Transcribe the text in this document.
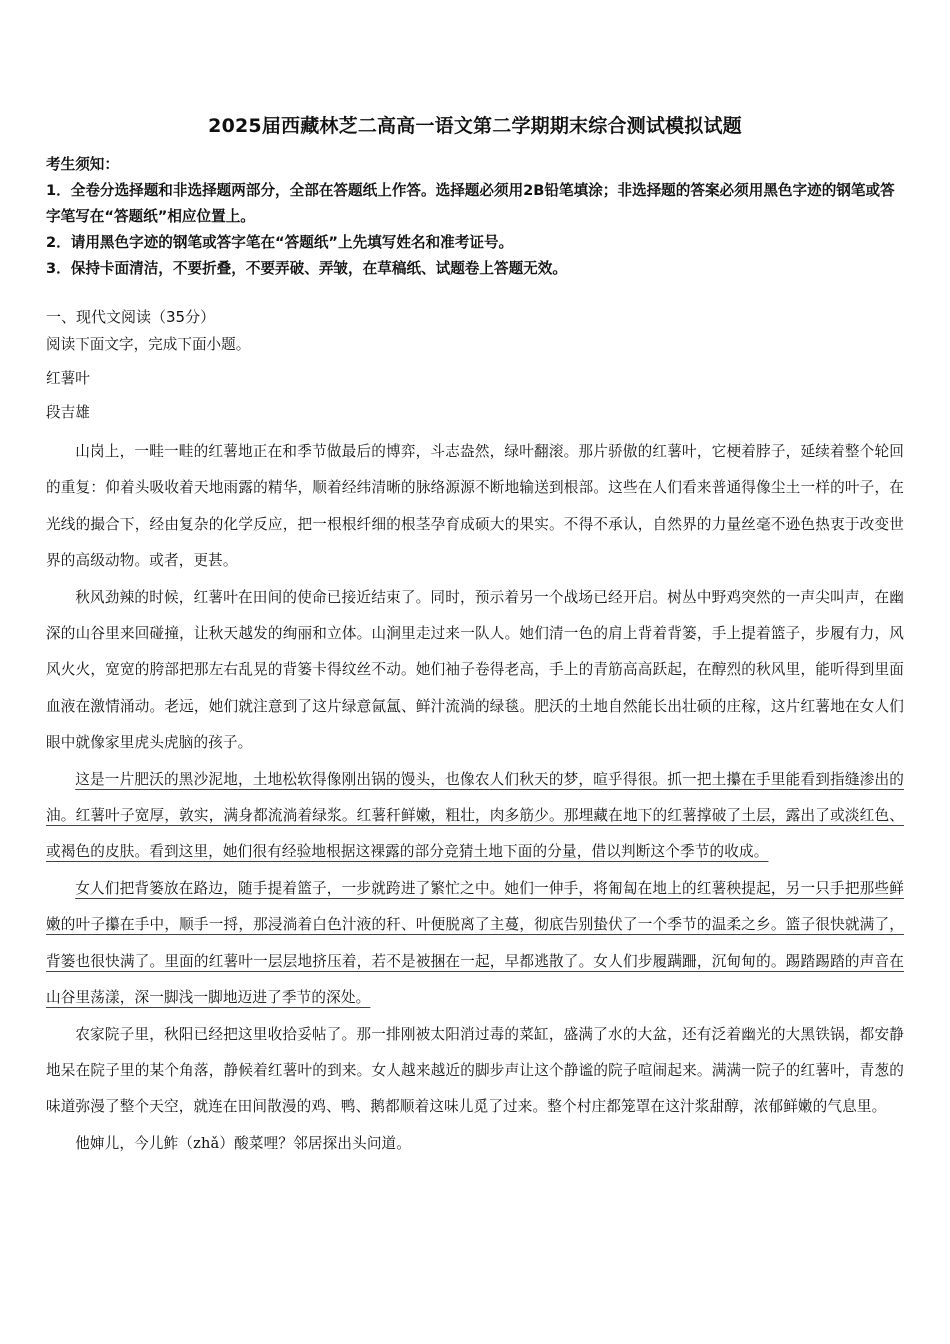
2025届西藏林芝二高高一语文第二学期期末综合测试模拟试题
考生须知：
1．全卷分选择题和非选择题两部分，全部在答题纸上作答。选择题必须用2B铅笔填涂；非选择题的答案必须用黑色字迹的钢笔或答字笔写在“答题纸”相应位置上。
2．请用黑色字迹的钢笔或答字笔在“答题纸”上先填写姓名和准考证号。
3．保持卡面清洁，不要折叠，不要弄破、弄皱，在草稿纸、试题卷上答题无效。
一、现代文阅读（35分）
阅读下面文字，完成下面小题。
红薯叶
段吉雄

山岗上，一畦一畦的红薯地正在和季节做最后的博弈，斗志盎然，绿叶翻滚。那片骄傲的红薯叶，它梗着脖子，延续着整个轮回的重复：仰着头吸收着天地雨露的精华，顺着经纬清晰的脉络源源不断地输送到根部。这些在人们看来普通得像尘土一样的叶子，在光线的撮合下，经由复杂的化学反应，把一根根纤细的根茎孕育成硕大的果实。不得不承认，自然界的力量丝毫不逊色热衷于改变世界的高级动物。或者，更甚。

秋风劲辣的时候，红薯叶在田间的使命已接近结束了。同时，预示着另一个战场已经开启。树丛中野鸡突然的一声尖叫声，在幽深的山谷里来回碰撞，让秋天越发的绚丽和立体。山涧里走过来一队人。她们清一色的肩上背着背篓，手上提着篮子，步履有力，风风火火，宽宽的胯部把那左右乱晃的背篓卡得纹丝不动。她们袖子卷得老高，手上的青筋高高跃起，在醇烈的秋风里，能听得到里面血液在激情涌动。老远，她们就注意到了这片绿意氤氲、鲜汁流淌的绿毯。肥沃的土地自然能长出壮硕的庄稼，这片红薯地在女人们眼中就像家里虎头虎脑的孩子。

这是一片肥沃的黑沙泥地，土地松软得像刚出锅的馒头，也像农人们秋天的梦，暄乎得很。抓一把土攥在手里能看到指缝渗出的油。红薯叶子宽厚，敦实，满身都流淌着绿浆。红薯秆鲜嫩，粗壮，肉多筋少。那埋藏在地下的红薯撑破了土层，露出了或淡红色、或褐色的皮肤。看到这里，她们很有经验地根据这裸露的部分竞猜土地下面的分量，借以判断这个季节的收成。

女人们把背篓放在路边，随手提着篮子，一步就跨进了繁忙之中。她们一伸手，将匍匐在地上的红薯秧提起，另一只手把那些鲜嫩的叶子攥在手中，顺手一捋，那浸淌着白色汁液的秆、叶便脱离了主蔓，彻底告别蛰伏了一个季节的温柔之乡。篮子很快就满了，背篓也很快满了。里面的红薯叶一层层地挤压着，若不是被捆在一起，早都逃散了。女人们步履蹒跚，沉甸甸的。踢踏踢踏的声音在山谷里荡漾，深一脚浅一脚地迈进了季节的深处。

农家院子里，秋阳已经把这里收拾妥帖了。那一排刚被太阳消过毒的菜缸，盛满了水的大盆，还有泛着幽光的大黑铁锅，都安静地呆在院子里的某个角落，静候着红薯叶的到来。女人越来越近的脚步声让这个静谧的院子喧闹起来。满满一院子的红薯叶，青葱的味道弥漫了整个天空，就连在田间散漫的鸡、鸭、鹅都顺着这味儿觅了过来。整个村庄都笼罩在这汁浆甜醇，浓郁鲜嫩的气息里。

他婶儿，今儿鲊（zhǎ）酸菜哩？邻居探出头问道。
